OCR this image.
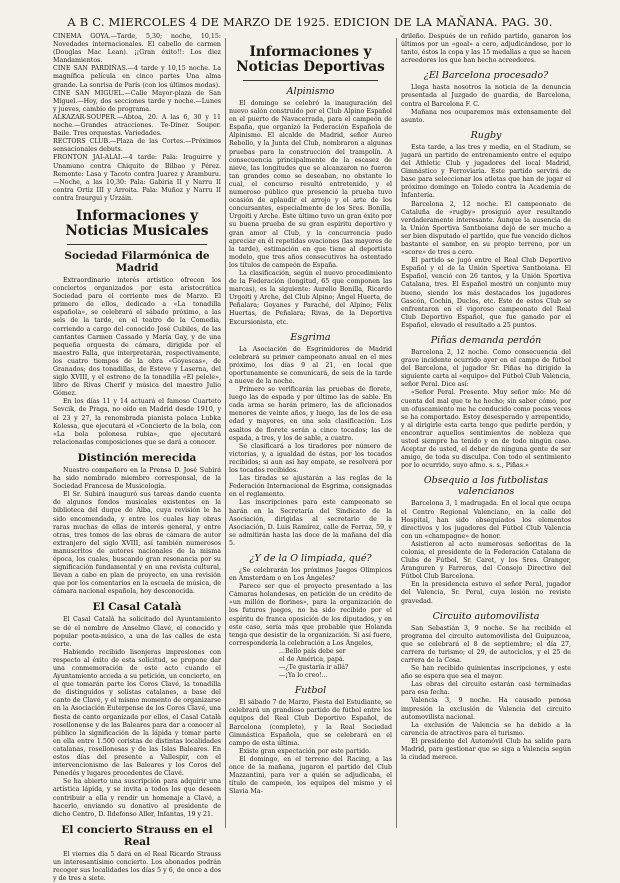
A B C. MIERCOLES 4 DE MARZO DE 1925. EDICION DE LA MAÑANA. PAG. 30.

CINEMA GOYA.—Tarde, 5,30; noche, 10,15: Novedades internacionales. El cabello de carmen (Douglas Mac Lean). ¡¡Gran éxito!!: Los diez Mandamientos.

CINE SAN PARDIÑAS.—4 tarde y 10,15 noche. La magnífica película en cinco partes Una alma grande. La sonrisa de París (con los últimos modas).

CINE SAN MIGUEL.—Calle Mayor-plaza de San Miguel.—Hoy, dos secciones tarde y noche.—Lunes y jueves, cambio de programa.

ALKAZAR-SOUPER.—Abtoa, 20. A las 6, 30 y 11 noche.—Grandes atracciones. Te-Diner. Souper. Baile. Tres orquestas. Variedades.

RECTORS CLUB.—Plaza de las Cortes.—Próximos sensacionales debuts.

FRONTON JAI-ALAI.—4 tarde: Pala: Iraguirre y Unamuno contra Chiquito de Bilbao y Pérez. Remonte: Lasa y Tacoto contra Juarez y Aramburu.—Noche, a las 10,30: Pala: Gabiria II y Narru II contra Ortiz III y Arroita. Pala: Muñoz y Narru II contra Iraurgui y Urzáin.

Informaciones y Noticias Musicales
Sociedad Filarmónica de Madrid

Extraordinario interés artístico ofrecen los conciertos organizados por esta aristocrática Sociedad para el corriente mes de Marzo. El primero de ellos, dedicado a «La tonadilla española», se celebrará el sábado próximo, a las seis de la tarde, en el teatro de la Comedia, corriendo a cargo del conocido José Cubiles, de las cantantes Carmen Cassado y María Gay, y de una pequeña orquesta de cámara, dirigida por el maestro Falla, que interpretarán, respectivamente, los cuatro tiempos de la obra «Goyescas», de Granados; dos tonadillas, de Esteve y Laserna, del siglo XVIII, y el estreno de la tonadilla «El pelele», libro de Rivas Cherif y música del maestro Julio Gómez.

En los días 11 y 14 actuará el famoso Cuarteto Sevcik, de Praga, no oído en Madrid desde 1910, y el 23 y 27, la renombrada pianista polaca Lubka Kolessa, que ejecutará el «Concierto de la bola, con «La bola polonesa rubia», que ejecutará relacionadas composiciones que se dará a conocer.

Distinción merecida

Nuestro compañero en la Prensa D. José Subirá ha sido nombrado miembro corresponsal, de la Sociedad Francesa de Musicología.

El Sr. Subirá inauguró sus tareas dando cuenta de algunos fondos musicales existentes en la biblioteca del duque de Alba, cuya revisión le ha sido encomendada, y entre los cuales hay obras raras muchas de ellas de interés general, y entre otras, tres tomos de las obras de cámara de autor extranjero del siglo XVIII, así también numerosos manuscritos de autores nacionales de la misma época, los cuales, buscando gran resonancia por su significación fundamental y en una revista cultural, llevan a cabo en plan de proyecto, en una revisión que por los comentarios en la escuela de música, de cámara nacional española, hoy desconocida.

El Casal Català

El Casal Català ha solicitado del Ayuntamiento se dé el nombre de Anselmo Clavé, el conocido y popular poeta-músico, a una de las calles de esta corte.

Habiendo recibido lisonjeras impresiones con respecto al éxito de esta solicitud, se propone dar una conmemoración de este acto cuando el Ayuntamiento acceda a su petición, un concierto, en el que tomarán parte los Coros Clavé, la tonadilla de distinguidos y solistas catalanes, a base del canto de Clavé, y el mismo momento de organizarse en la Asociación Euterpense de los Coros Clavé, una fiesta de canto organizada por ellos, el Casal Català rosellonense y de las Baleares para dar a conocer al público la significación de la lápida y tomar parte en ella entre 1.500 coristas de distintas localidades catalanas, rosellonesas y de las Islas Baleares. En estos días del presente a Vallespir, con el intervencionismo de las Baleares y los Coros del Penedés y lugares procedentes de Clavé.

Se ha abierto una suscripción para adquirir una artística lápida, y se invita a todos los que deseen contribuir a ella y rendir un homenaje a Clavé, a hacerlo, enviando su donativo al presidente de dicho Centro, D. Ildefonso Aller, Infantas, 19 y 21.

El concierto Strauss en el Real

El viernes día 5 dará en el Real Ricardo Strauss un interesantísimo concierto. Los abonados podrán recoger sus localidades los días 5 y 6, de once a dos y de tres a siete.

Informaciones y Noticias Deportivas
Alpinismo

El domingo se celebró la inauguración del nuevo salón construido por el Club Alpino Español en el puerto de Navacerrada, para el campeón de España, que organizó la Federación Española de Alpinismo. El alcalde de Madrid, señor Aureo Rebollo, y la Junta del Club, nombraron a algunas pruebas para la construcción del trampolín. A consecuencia principalmente de la escasez de nieve, las longitudes que se alcanzaron no fueron tan grandes como se deseaban, no obstante lo cual, el concurso resultó entretenido, y el numeroso público que presenció la prueba tuvo ocasión de aplaudir el arrojo y el arte de los concursantes, especialmente de los Sres. Bonilla, Urgoiti y Arche. Este último tuvo un gran éxito por su buena prueba de su gran espíritu deportivo y gran amor al Club, y la concurrencia pudo apreciar en él repetidas ovaciones (las mayores de la tarde), estimación en que tiene al deportista modelo, que tres años consecutivos ha ostentado los títulos de campeón de España.

La clasificación, según el nuevo procedimiento de la Federación (longitud, 65 que componen las marcas), es la siguiente: Aurelio Bonilla, Ricardo Urgoiti y Arche, del Club Alpino; Ángel Huerta, de Peñalara; Goyanes y Paraché, del Alpino; Félix Huertas, de Peñalara; Rivas, de la Deportiva Excursionista, etc.

Esgrima

La Asociación de Esgrimidores de Madrid celebrará su primer campeonato anual en el mes próximo, los días 9 al 21, en local que oportunamente se comunicará, de seis de la tarde a nueve de la noche.

Primero se verificarán las pruebas de florete, luego las de espada y por último las de sable. En cada arma se harán primero, las de aficionados menores de veinte años, y luego, las de los de esa edad y mayores, en una sola clasificación. Los asaltos de florete serán a cinco tocados; las de espada, a tres, y los de sable, a cuatro.

Se clasificará a los tiradores por número de victorias, y, a igualdad de éstas, por los tocados recibidos; si aun así hay empate, se resolverá por los tocados recibidos.

Las tiradas se ajustarán a las reglas de la Federación Internacional de Esgrima, consignadas en el reglamento.

Las inscripciones para este campeonato se harán en la Secretaría del Sindicato de la Asociación, dirigidas al secretario de la Asociación, D. Luis Ramírez, calle de Ferraz, 59, y se admitirán hasta las doce de la mañana del día 5.

¿Y de la O limpiada, qué?

¿Se celebrarán los próximos Juegos Olímpicos en Amsterdam o en Los Ángeles?

Parece ser que el proyecto presentado a las Cámaras holandesas, en petición de un crédito de «un millón de florines», para la organización de los futuros juegos, no ha sido recibido por el espíritu de franca oposición de los diputados, y en este caso, sería más que probable que Holanda tenga que desistir de la organización. Si así fuere, correspondería la celebración a Los Ángeles,

...Bello país debe ser

el de América, papá.

—¿Te gustaría ir allá?

—¡Ya lo creo!...

Futbol

El sábado 7 de Marzo, Fiesta del Estudiante, se celebrará un grandioso partido de fútbol entre los equipos del Real Club Deportivo Español, de Barcelona (completo), y la Real Sociedad Gimnástica Española, que se celebrará en el campo de esta última.

Existe gran expectación por este partido.

El domingo, en el terreno del Racing, a las once de la mañana, jugaron el partido del Club Mazzantini, para ver a quién se adjudicaba, el título de campeón, los equipos del mismo y el Slavia Ma-

drileño. Después de un reñido partido, ganaron los últimos por un «goal» a cero, adjudicándose, por lo tanto, éstos la copa y las 15 medallas a que se hacen acreedores los que han hecho acreedores.

¿El Barcelona procesado?

Llega hasta nosotros la noticia de la denuncia presentada al Juzgado de guardia, de Barcelona, contra el Barcelona F. C.

Mañana nos ocuparemos más extensamente del asunto.

Rugby

Esta tarde, a las tres y media, en el Stadium, se jugará un partido de entrenamiento entre el equipo del Athletic Club y jugadores del local Madrid, Gimnástico y Ferroviaria. Este partido servirá de base para seleccionar los atletas que han de jugar el próximo domingo en Toledo contra la Academia de Infantería.

Barcelona 2, 12 noche. El campeonato de Cataluña de «rugby» prosiguió ayer resultando verdaderamente interesante. Aunque la ausencia de la Unión Sportiva Santboiana dejó de ser mucho a ser bien disputado el partido, que fue vencido dichos bastante el sambor, en su propio terreno, por un «score» de tres a cero.

El partido se jugó entre el Real Club Deportivo Español y el de la Unión Sportiva Santboiana. El Español, venció con 26 tantos, y la Unión Sportiva Catalana, tres. El Español mostró un conjunto muy bueno, siendo los más destacados los jugadores Gascón, Cochin, Duclos, etc. Este de estos Club se enfrentaron en el vigoroso campeonato del Real Club Deportivo Español, que fue ganado por el Español, elevado el resultado a 25 puntos.

Piñas demanda perdón

Barcelona 2, 12 noche. Como consecuencia del grave incidente ocurrido ayer en el campo de fútbol del Barcelona, el jugador Sr. Piñas ha dirigido la siguiente carta al «equipo» del Fútbol Club Valencia, señor Peral. Dice así:

«Señor Peral. Presente. Muy señor mío: Me dé cuenta del mal que te he hecho; sin saber cómo, por un ofuscamiento me he conducido como pocas veces se ha comportado. Estoy desesperado y arrepentido, y al dirigirle esta carta tengo que pedirle perdón, y encontrar aquellos sentimientos de nobleza que usted siempre ha tenido y en de todo ningún caso. Aceptar de usted, el deber de ninguna gente de ser amigo, de toda su disculpa. Con todo el sentimiento por lo ocurrido, suyo afmo. s. s., Piñas.»

Obsequio a los futbolistas valencianos

Barcelona 3, 1 madrugada. En el local que ocupa el Centro Regional Valenciano, en la calle del Hospital, han sido obsequiados los elementos directivos y los jugadores del Fútbol Club Valencia con un «champagne» de honor.

Asistieron al acto numerosas señoritas de la colonia, el presidente de la Federación Catalana de Clubs de Fútbol, Sr. Caret, y los Sres. Granger, Aranguren y Farreras, del Consejo Directivo del Fútbol Club Barcelona.

En la presidencia estuvo el señor Peral, jugador del Valencia, Sr. Peral, cuya lesión no reviste gravedad.

Circuito automovilista

San Sebastián 3, 9 noche. Se ha recibido el programa del circuito automovilista del Guipuzcoa, que se celebrará el 8 de septiembre; el día 27, carrera de turismo; el 29, de autociclos, y el 25 de carrera de la Cosa.

Se han recibido quinientas inscripciones, y este año se espera que sea el mayor.

Las obras del circuito estarán casi terminadas para esa fecha.

Valencia 3, 9 noche. Ha causado penosa impresión la exclusión de Valencia del circuito automovilista nacional.

La exclusión de Valencia se ha debido a la carencia de atractivos para el turismo.

El presidente del Automóvil Club ha salido para Madrid, para gestionar que se siga a Valencia según la ciudad merece.
